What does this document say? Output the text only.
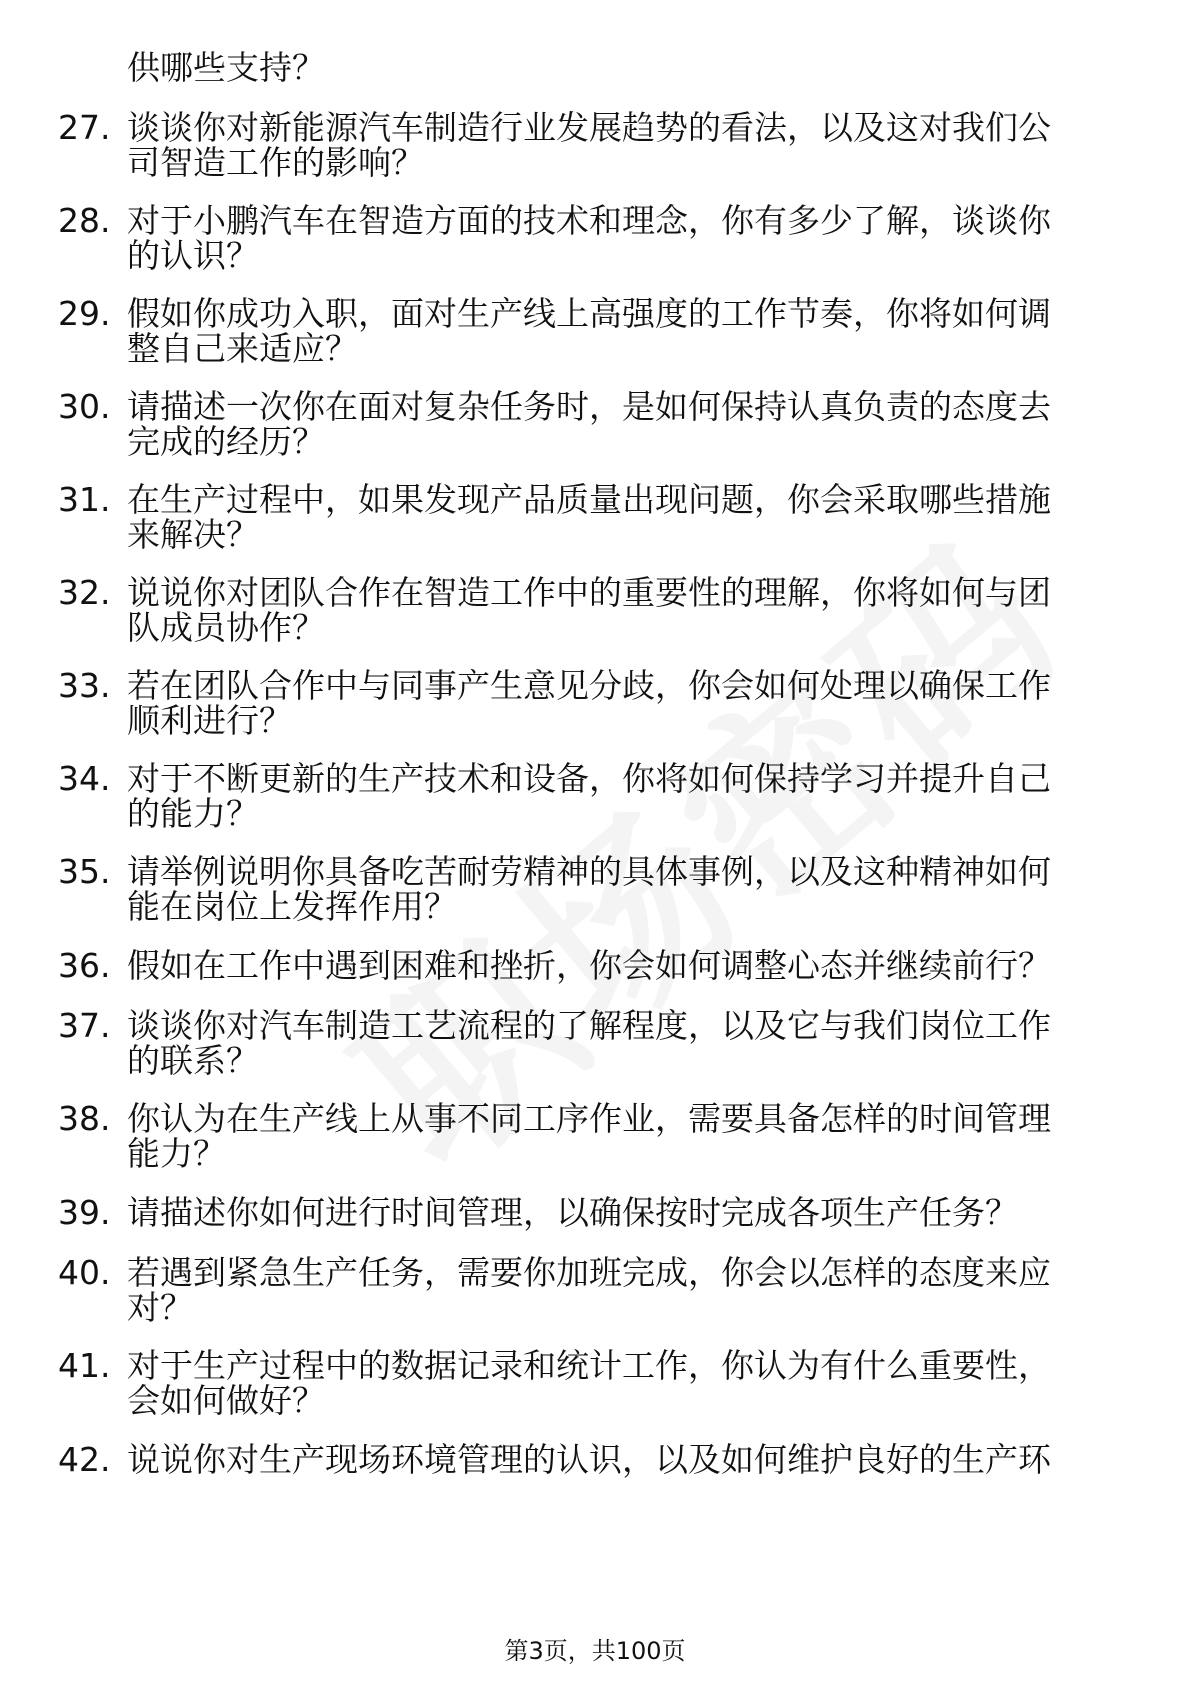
供哪些支持？
27. 谈谈你对新能源汽车制造行业发展趋势的看法，以及这对我们公
司智造工作的影响？
28. 对于小鹏汽车在智造方面的技术和理念，你有多少了解，谈谈你
的认识？
29. 假如你成功入职，面对生产线上高强度的工作节奏，你将如何调
整自己来适应？
30. 请描述一次你在面对复杂任务时，是如何保持认真负责的态度去
完成的经历？
31. 在生产过程中，如果发现产品质量出现问题，你会采取哪些措施
来解决？
32. 说说你对团队合作在智造工作中的重要性的理解，你将如何与团
队成员协作？
33. 若在团队合作中与同事产生意见分歧，你会如何处理以确保工作
顺利进行？
34. 对于不断更新的生产技术和设备，你将如何保持学习并提升自己
的能力？
35. 请举例说明你具备吃苦耐劳精神的具体事例，以及这种精神如何
能在岗位上发挥作用？
36. 假如在工作中遇到困难和挫折，你会如何调整心态并继续前行？
37. 谈谈你对汽车制造工艺流程的了解程度，以及它与我们岗位工作
的联系？
38. 你认为在生产线上从事不同工序作业，需要具备怎样的时间管理
能力？
39. 请描述你如何进行时间管理，以确保按时完成各项生产任务？
40. 若遇到紧急生产任务，需要你加班完成，你会以怎样的态度来应
对？
41. 对于生产过程中的数据记录和统计工作，你认为有什么重要性，
会如何做好？
42. 说说你对生产现场环境管理的认识，以及如何维护良好的生产环
第3页，共100页
